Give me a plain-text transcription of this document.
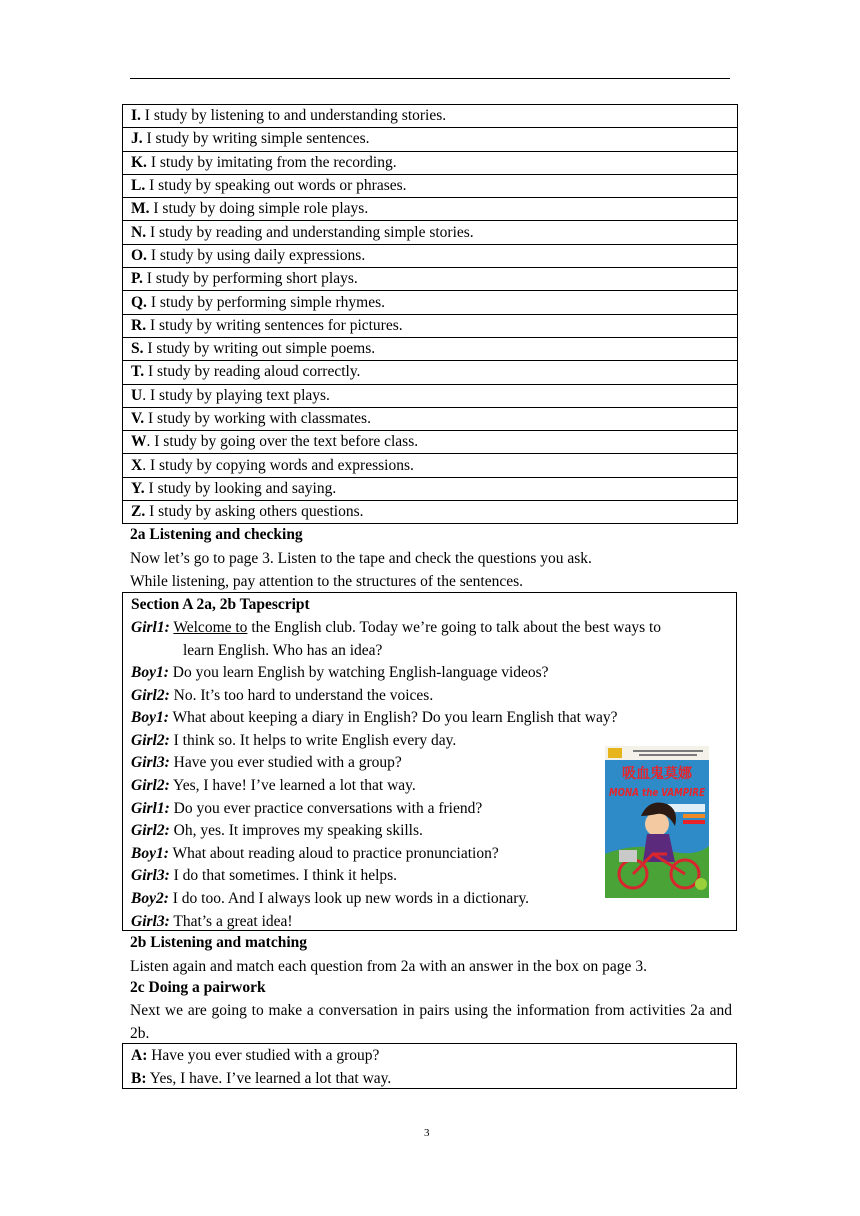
I. I study by listening to and understanding stories.
J. I study by writing simple sentences.
K. I study by imitating from the recording.
L. I study by speaking out words or phrases.
M. I study by doing simple role plays.
N. I study by reading and understanding simple stories.
O. I study by using daily expressions.
P. I study by performing short plays.
Q. I study by performing simple rhymes.
R. I study by writing sentences for pictures.
S. I study by writing out simple poems.
T. I study by reading aloud correctly.
U. I study by playing text plays.
V. I study by working with classmates.
W. I study by going over the text before class.
X. I study by copying words and expressions.
Y. I study by looking and saying.
Z. I study by asking others questions.
2a Listening and checking
Now let’s go to page 3. Listen to the tape and check the questions you ask.
While listening, pay attention to the structures of the sentences.
Section A 2a, 2b Tapescript
Girl1: Welcome to the English club. Today we’re going to talk about the best ways to
learn English. Who has an idea?
Boy1: Do you learn English by watching English-language videos?
Girl2: No. It’s too hard to understand the voices.
Boy1: What about keeping a diary in English? Do you learn English that way?
Girl2: I think so. It helps to write English every day.
Girl3: Have you ever studied with a group?
Girl2: Yes, I have! I’ve learned a lot that way.
Girl1: Do you ever practice conversations with a friend?
Girl2: Oh, yes. It improves my speaking skills.
Boy1: What about reading aloud to practice pronunciation?
Girl3: I do that sometimes. I think it helps.
Boy2: I do too. And I always look up new words in a dictionary.
Girl3: That’s a great idea!
吸血鬼莫娜
MONA the VAMPIRE
2b Listening and matching
Listen again and match each question from 2a with an answer in the box on page 3.
2c Doing a pairwork
Next we are going to make a conversation in pairs using the information from activities 2a and 2b.
A: Have you ever studied with a group?
B: Yes, I have. I’ve learned a lot that way.
3
